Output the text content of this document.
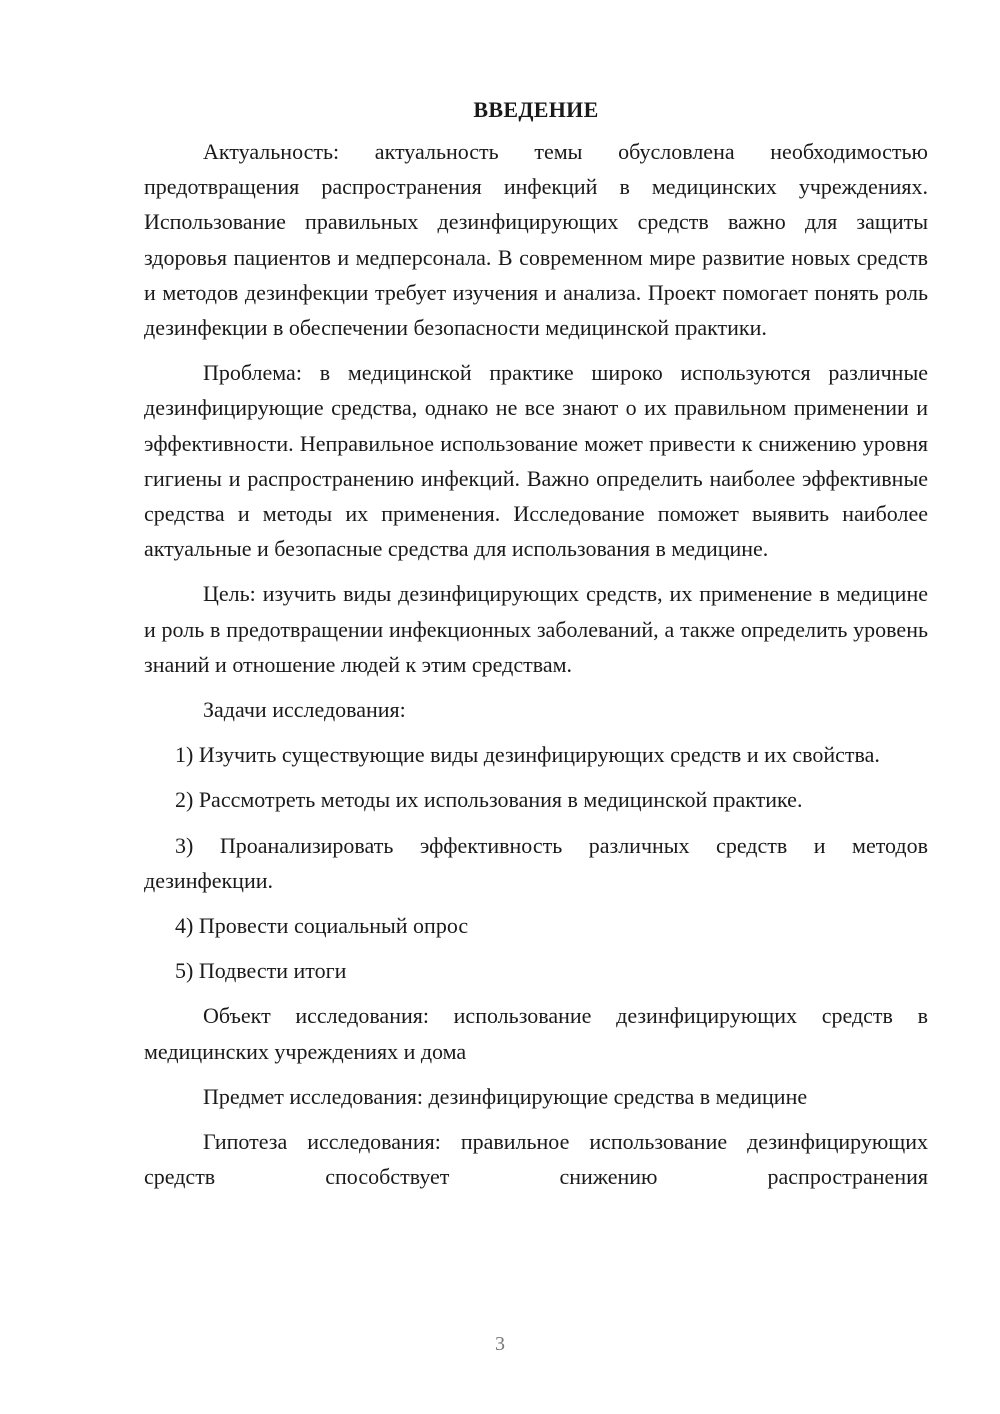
ВВЕДЕНИЕ

Актуальность: актуальность темы обусловлена необходимостью предотвращения распространения инфекций в медицинских учреждениях. Использование правильных дезинфицирующих средств важно для защиты здоровья пациентов и медперсонала. В современном мире развитие новых средств и методов дезинфекции требует изучения и анализа. Проект помогает понять роль дезинфекции в обеспечении безопасности медицинской практики.

Проблема: в медицинской практике широко используются различные дезинфицирующие средства, однако не все знают о их правильном применении и эффективности. Неправильное использование может привести к снижению уровня гигиены и распространению инфекций. Важно определить наиболее эффективные средства и методы их применения. Исследование поможет выявить наиболее актуальные и безопасные средства для использования в медицине.

Цель: изучить виды дезинфицирующих средств, их применение в медицине и роль в предотвращении инфекционных заболеваний, а также определить уровень знаний и отношение людей к этим средствам.

Задачи исследования:

1) Изучить существующие виды дезинфицирующих средств и их свойства.

2) Рассмотреть методы их использования в медицинской практике.

3) Проанализировать эффективность различных средств и методов дезинфекции.

4) Провести социальный опрос

5) Подвести итоги

Объект исследования: использование дезинфицирующих средств в медицинских учреждениях и дома

Предмет исследования: дезинфицирующие средства в медицине

Гипотеза исследования: правильное использование дезинфицирующих средств способствует снижению распространения

3
